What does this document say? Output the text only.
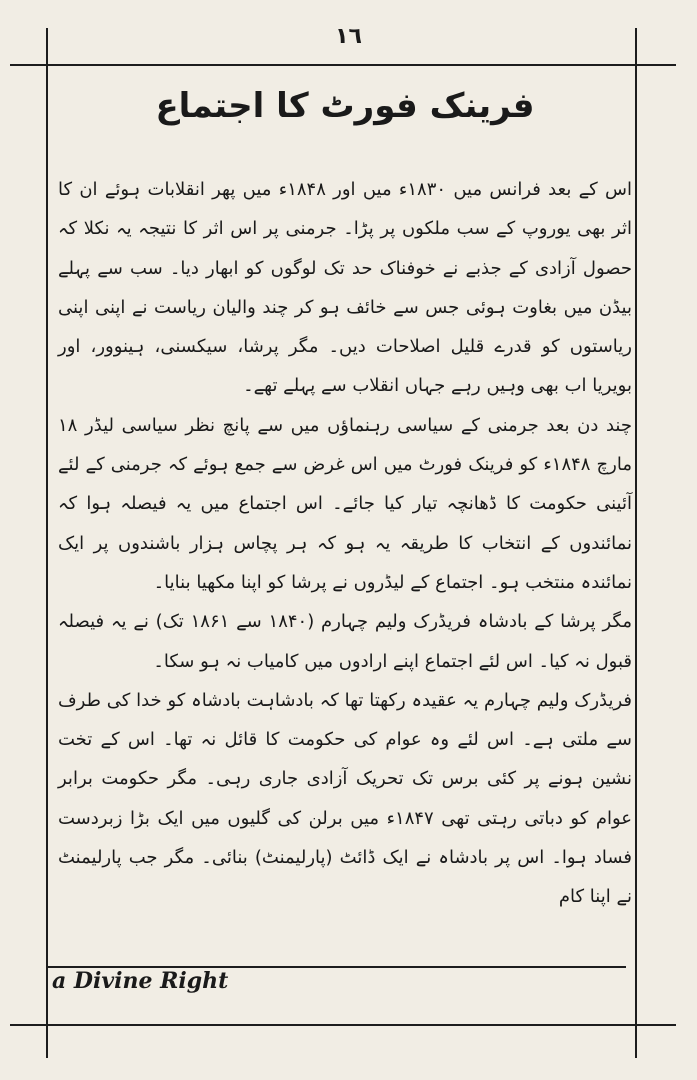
١٦
فرینک فورٹ کا اجتماع

اس کے بعد فرانس میں ۱۸۳۰ء میں اور ۱۸۴۸ء میں پھر انقلابات ہوئے ان کا اثر بھی یوروپ کے سب ملکوں پر پڑا۔ جرمنی پر اس اثر کا نتیجہ یہ نکلا کہ حصول آزادی کے جذبے نے خوفناک حد تک لوگوں کو ابھار دیا۔ سب سے پہلے بیڈن میں بغاوت ہوئی جس سے خائف ہو کر چند والیان ریاست نے اپنی اپنی ریاستوں کو قدرے قلیل اصلاحات دیں۔ مگر پرشا، سیکسنی، ہینوور، اور بویریا اب بھی وہیں رہے جہاں انقلاب سے پہلے تھے۔

چند دن بعد جرمنی کے سیاسی رہنماؤں میں سے پانچ نظر سیاسی لیڈر ۱۸ مارچ ۱۸۴۸ء کو فرینک فورٹ میں اس غرض سے جمع ہوئے کہ جرمنی کے لئے آئینی حکومت کا ڈھانچہ تیار کیا جائے۔ اس اجتماع میں یہ فیصلہ ہوا کہ نمائندوں کے انتخاب کا طریقہ یہ ہو کہ ہر پچاس ہزار باشندوں پر ایک نمائندہ منتخب ہو۔ اجتماع کے لیڈروں نے پرشا کو اپنا مکھیا بنایا۔

مگر پرشا کے بادشاہ فریڈرک ولیم چہارم (۱۸۴۰ سے ۱۸۶۱ تک) نے یہ فیصلہ قبول نہ کیا۔ اس لئے اجتماع اپنے ارادوں میں کامیاب نہ ہو سکا۔

فریڈرک ولیم چہارم یہ عقیدہ رکھتا تھا کہ بادشاہت بادشاہ کو خدا کی طرف سے ملتی ہے۔ اس لئے وہ عوام کی حکومت کا قائل نہ تھا۔ اس کے تخت نشین ہونے پر کئی برس تک تحریک آزادی جاری رہی۔ مگر حکومت برابر عوام کو دباتی رہتی تھی ۱۸۴۷ء میں برلن کی گلیوں میں ایک بڑا زبردست فساد ہوا۔ اس پر بادشاہ نے ایک ڈائٹ (پارلیمنٹ) بنائی۔ مگر جب پارلیمنٹ نے اپنا کام

a Divine Right
